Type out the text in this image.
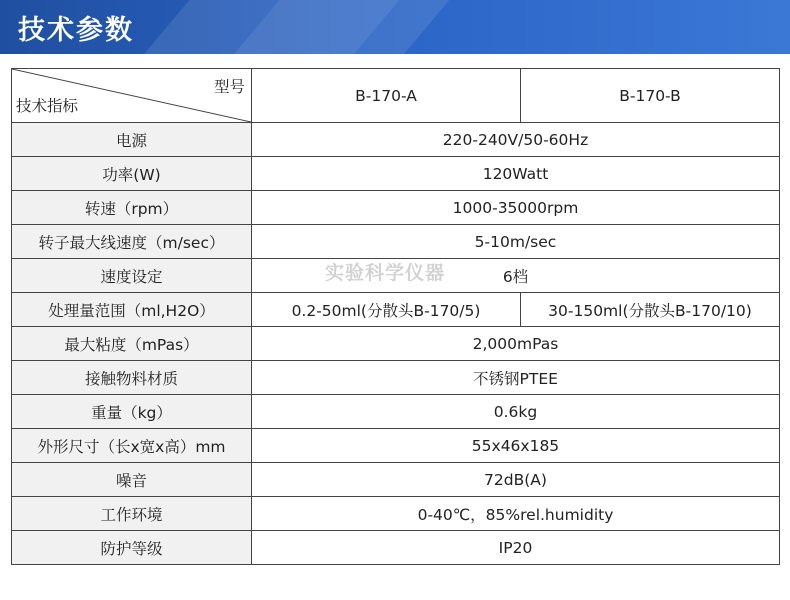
技术参数
型号
技术指标	B-170-A	B-170-B
电源	220-240V/50-60Hz	
功率(W)	120Watt	
转速（rpm）	1000-35000rpm	
转子最大线速度（m/sec）	5-10m/sec	
速度设定	6档	
处理量范围（ml,H2O）	0.2-50ml(分散头B-170/5)	30-150ml(分散头B-170/10)
最大粘度（mPas）	2,000mPas	
接触物料材质	不锈钢PTEE	
重量（kg）	0.6kg	
外形尺寸（长x宽x高）mm	55x46x185	
噪音	72dB(A)	
工作环境	0-40℃，85%rel.humidity	
防护等级	IP20	
实验科学仪器
